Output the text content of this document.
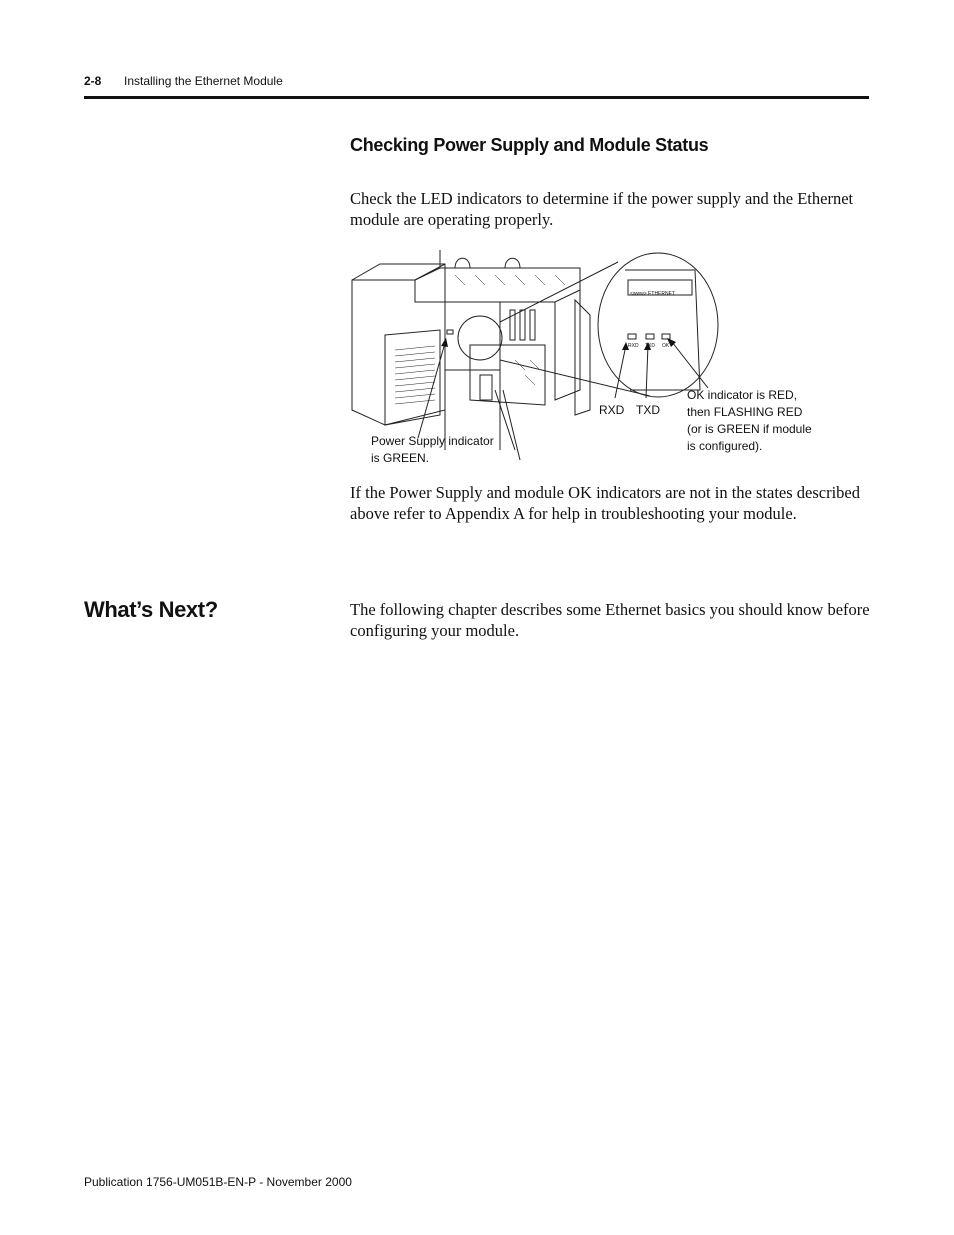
2-8 Installing the Ethernet Module
Checking Power Supply and Module Status
Check the LED indicators to determine if the power supply and the Ethernet module are operating properly.
<www> ETHERNET
RXD TXD OK
RXD TXD
OK indicator is RED,
then FLASHING RED
(or is GREEN if module
is configured).
Power Supply indicator
is GREEN.
If the Power Supply and module OK indicators are not in the states described above refer to Appendix A for help in troubleshooting your module.
What’s Next?	The following chapter describes some Ethernet basics you should know before configuring your module.
Publication 1756-UM051B-EN-P - November 2000
